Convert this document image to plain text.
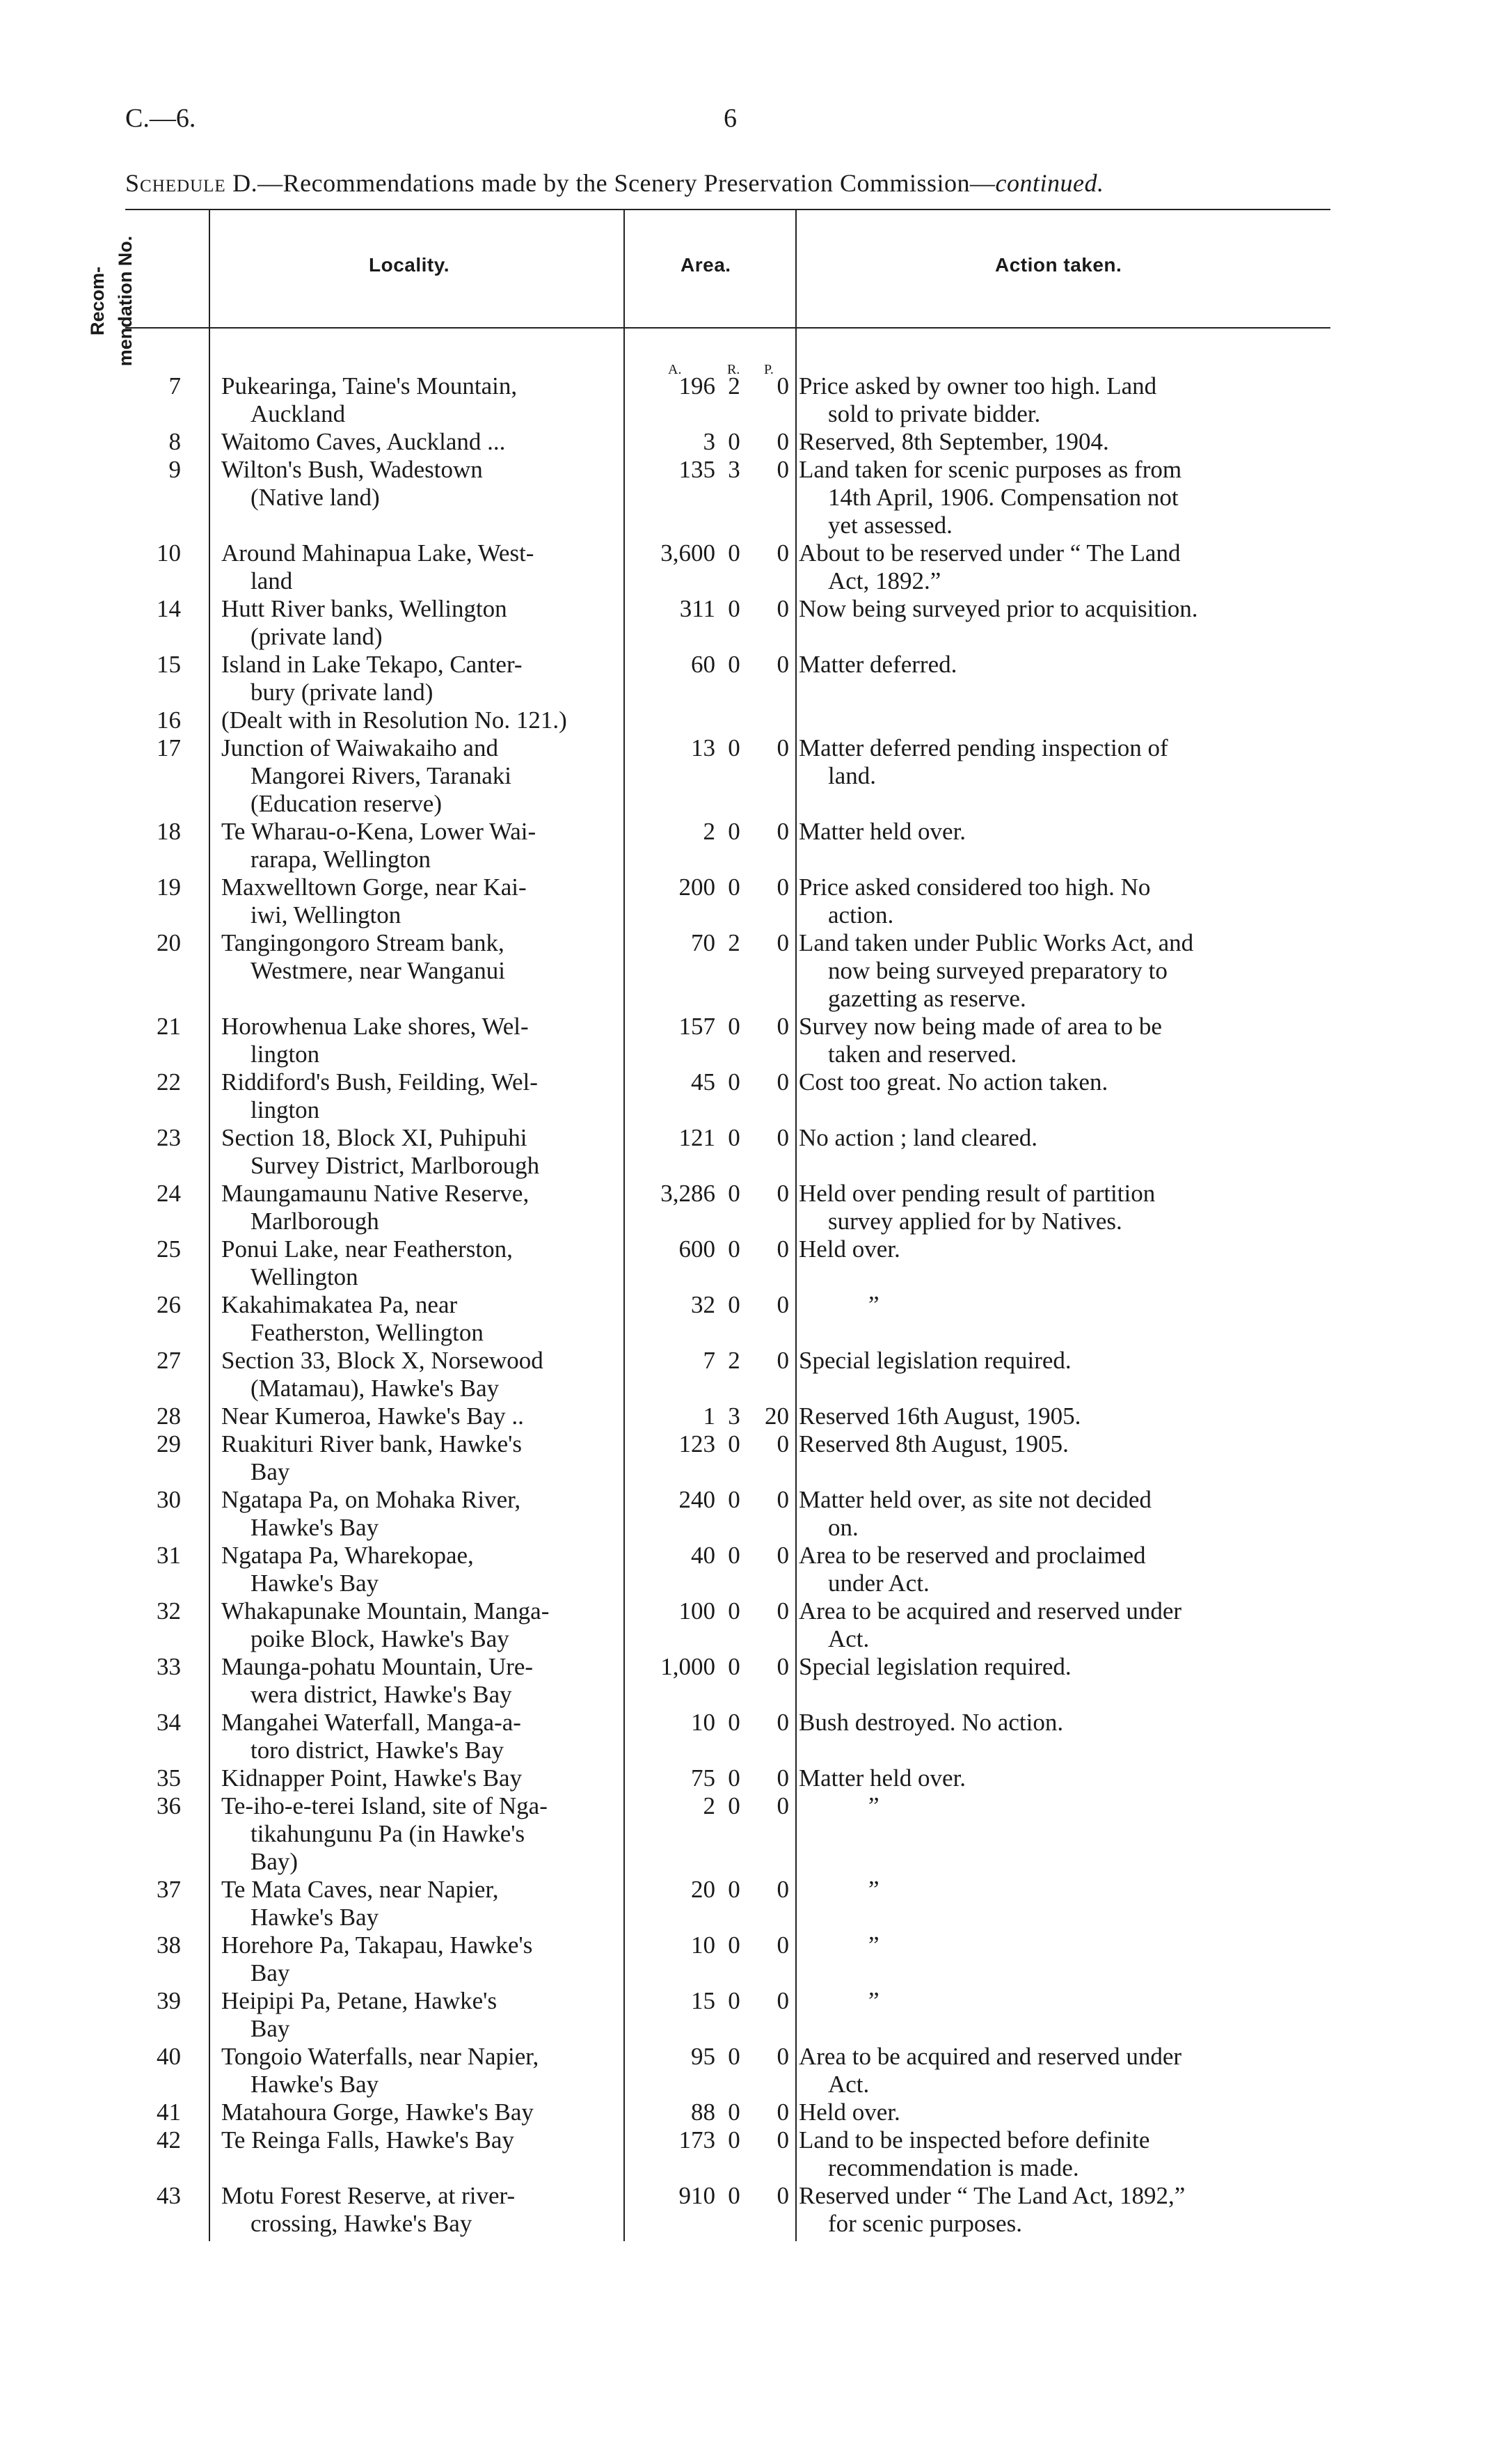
C.—6.	6
Schedule D.—Recommendations made by the Scenery Preservation Commission—continued.
Recom-mendation No.	Locality.	Area.	Action taken.
A.	R. P.
7 Pukearinga, Taine's Mountain,
Auckland
196 2	0 Price asked by owner too high. Land
sold to private bidder.
8 Waitomo Caves, Auckland ...	3 0	0 Reserved, 8th September, 1904.
9 Wilton's Bush, Wadestown
(Native land)
135 3	0 Land taken for scenic purposes as from
14th April, 1906. Compensation not
yet assessed.
10 Around Mahinapua Lake, West-
land
3,600 0	0 About to be reserved under “ The Land
Act, 1892.”
14 Hutt River banks, Wellington
(private land)
311 0	0 Now being surveyed prior to acquisition.
15 Island in Lake Tekapo, Canter-
bury (private land)
60 0	0 Matter deferred.
16 (Dealt with in Resolution No. 121.)
17 Junction of Waiwakaiho and
Mangorei Rivers, Taranaki
(Education reserve)
13 0	0 Matter deferred pending inspection of
land.
18 Te Wharau-o-Kena, Lower Wai-
rarapa, Wellington
2 0	0 Matter held over.
19 Maxwelltown Gorge, near Kai-
iwi, Wellington
200 0	0 Price asked considered too high. No
action.
20 Tangingongoro Stream bank,
Westmere, near Wanganui
70 2	0 Land taken under Public Works Act, and
now being surveyed preparatory to
gazetting as reserve.
21 Horowhenua Lake shores, Wel-
lington
157 0	0 Survey now being made of area to be
taken and reserved.
22 Riddiford's Bush, Feilding, Wel-
lington
45 0	0 Cost too great. No action taken.
23 Section 18, Block XI, Puhipuhi
Survey District, Marlborough
121 0	0 No action ; land cleared.
24 Maungamaunu Native Reserve,
Marlborough
3,286 0	0 Held over pending result of partition
survey applied for by Natives.
25 Ponui Lake, near Featherston,
Wellington
600 0	0 Held over.
26 Kakahimakatea Pa, near
Featherston, Wellington
32 0	0	”
27 Section 33, Block X, Norsewood
(Matamau), Hawke's Bay
7 2	0 Special legislation required.
28 Near Kumeroa, Hawke's Bay ..	1 3	20 Reserved 16th August, 1905.
29 Ruakituri River bank, Hawke's
Bay
123 0	0 Reserved 8th August, 1905.
30 Ngatapa Pa, on Mohaka River,
Hawke's Bay
240 0	0 Matter held over, as site not decided
on.
31 Ngatapa Pa, Wharekopae,
Hawke's Bay
40 0	0 Area to be reserved and proclaimed
under Act.
32 Whakapunake Mountain, Manga-
poike Block, Hawke's Bay
100 0	0 Area to be acquired and reserved under
Act.
33 Maunga-pohatu Mountain, Ure-
wera district, Hawke's Bay
1,000 0	0 Special legislation required.
34 Mangahei Waterfall, Manga-a-
toro district, Hawke's Bay
10 0	0 Bush destroyed. No action.
35 Kidnapper Point, Hawke's Bay	75 0	0 Matter held over.
36 Te-iho-e-terei Island, site of Nga-
tikahungunu Pa (in Hawke's
Bay)
2 0	0	”
37 Te Mata Caves, near Napier,
Hawke's Bay
20 0	0	”
38 Horehore Pa, Takapau, Hawke's
Bay
10 0	0	”
39 Heipipi Pa, Petane, Hawke's
Bay
15 0	0	”
40 Tongoio Waterfalls, near Napier,
Hawke's Bay
95 0	0 Area to be acquired and reserved under
Act.
41 Matahoura Gorge, Hawke's Bay	88 0	0 Held over.
42 Te Reinga Falls, Hawke's Bay	173 0	0 Land to be inspected before definite
recommendation is made.
43 Motu Forest Reserve, at river-
crossing, Hawke's Bay
910 0	0 Reserved under “ The Land Act, 1892,”
for scenic purposes.
